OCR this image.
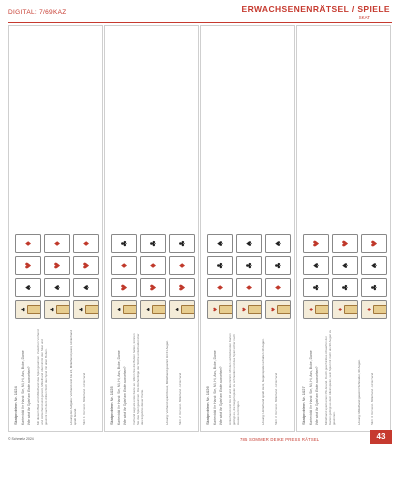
DIGITAL: 7/69KAZ	ERWACHSENENRÄTSEL / SPIELE
SKAT
Skatproblem Nr. 1024 Kartenbild Ihr Hand: Sie, Mi, Hi, Ass, Bube, Dame Wie wird Ihr Spiel am Ende aussehen? Mit diesem Blatt wird Mittelhand das Spiel gewinnen. Zwischen Vorhand und Hinterhand wird gereizt, Mittelhand übernimmt den Skat und gewinnt nach dem dritten Stich das Spiel mit allen Buben.	Lösung der Aufgabe: Vorhand reizt bis 24, Mittelhand passt, Hinterhand spielt Grand. Stich 1: Vorhand - Mittelhand - Hinterhand
♣
♠
♥
♦
♣
♠
♥
♦
♣
♠
♥
♦
Skatproblem Nr. 1025 Kartenbild Ihr Hand: Sie, Mi, Hi, Ass, Bube, Dame Wie wird Ihr Spiel am Ende aussehen? Vorhand sagt als erste Karte an. Wenn Sie die Buben halten, können Sie das Spiel gewinnen. Die Reihenfolge der Stiche entscheidet über das Ergebnis dieser Partie.	Lösung: Vorhand spielt Kreuz, Mittelhand gewinnt mit 61 Augen.	Stich 2: Vorhand - Mittelhand - Hinterhand
♠
♥
♦
♣
♠
♥
♦
♣
♠
♥
♦
♣
Skatproblem Nr. 1026 Kartenbild Ihr Hand: Sie, Mi, Hi, Ass, Bube, Dame Wie wird Ihr Spiel am Ende aussehen? Hinterhand reizt bis 18 und übernimmt. Mit den verbleibenden Karten gelingt es, die Gegenspieler zu schneiden und das Spiel sicher nach Hause zu bringen.	Lösung: Hinterhand spielt Herz, Gegenspieler erhalten 30 Augen.	Stich 3: Vorhand - Mittelhand - Hinterhand
♥
♦
♣
♠
♥
♦
♣
♠
♥
♦
♣
♠
Skatproblem Nr. 1027 Kartenbild Ihr Hand: Sie, Mi, Hi, Ass, Bube, Dame Wie wird Ihr Spiel am Ende aussehen? Mittelhand spielt einen Pik-Grand. Durch geschicktes Abwerfen der Karten gelingt es dem Alleinspieler, sein Spiel mit mehr als 90 Augen zu gewinnen.	Lösung: Mittelhand gewinnt Schneider, 90 Augen.	Stich 4: Vorhand - Mittelhand - Hinterhand
♦
♣
♠
♥
♦
♣
♠
♥
♦
♣
♠
♥
© Schmelz 2024	785 SOMMER DEIKE PRESS RÄTSEL	43
